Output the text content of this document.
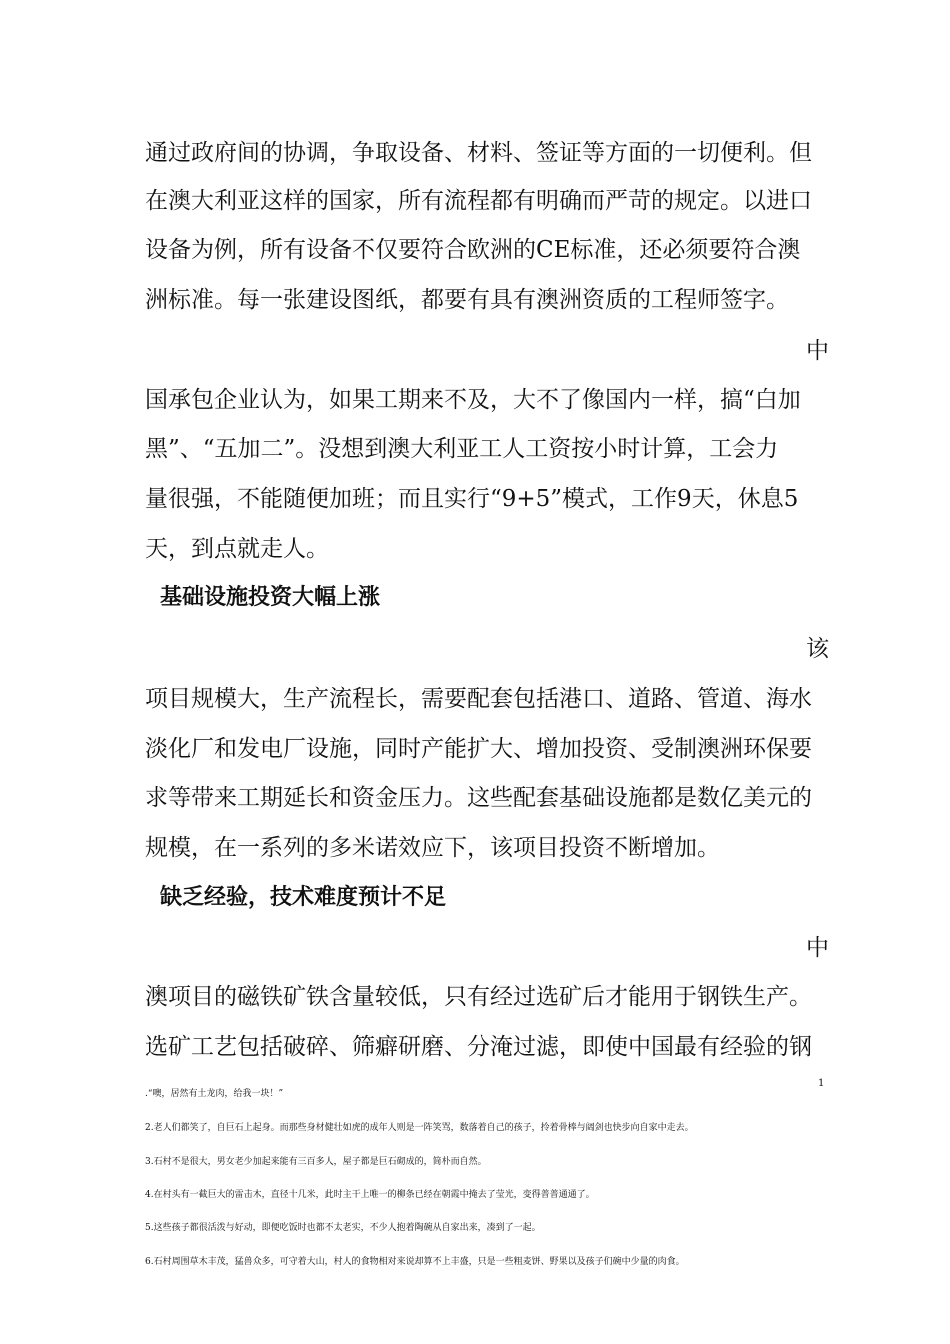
通过政府间的协调，争取设备、材料、签证等方面的一切便利。但
在澳大利亚这样的国家，所有流程都有明确而严苛的规定。以进口
设备为例，所有设备不仅要符合欧洲的CE标准，还必须要符合澳
洲标准。每一张建设图纸，都要有具有澳洲资质的工程师签字。
中
国承包企业认为，如果工期来不及，大不了像国内一样，搞“白加
黑”、“五加二”。没想到澳大利亚工人工资按小时计算，工会力
量很强，不能随便加班；而且实行“9+5”模式，工作9天，休息5
天，到点就走人。
基础设施投资大幅上涨
该
项目规模大，生产流程长，需要配套包括港口、道路、管道、海水
淡化厂和发电厂设施，同时产能扩大、增加投资、受制澳洲环保要
求等带来工期延长和资金压力。这些配套基础设施都是数亿美元的
规模，在一系列的多米诺效应下，该项目投资不断增加。
缺乏经验，技术难度预计不足
中
澳项目的磁铁矿铁含量较低，只有经过选矿后才能用于钢铁生产。
选矿工艺包括破碎、筛癖研磨、分淹过滤，即使中国最有经验的钢
1
.“噢，居然有土龙肉，给我一块！”
2.老人们都笑了，自巨石上起身。而那些身材健壮如虎的成年人则是一阵笑骂，数落着自己的孩子，拎着骨棒与阔剑也快步向自家中走去。
3.石村不是很大，男女老少加起来能有三百多人，屋子都是巨石砌成的，简朴而自然。
4.在村头有一截巨大的雷击木，直径十几米，此时主干上唯一的柳条已经在朝霞中掩去了莹光，变得普普通通了。
5.这些孩子都很活泼与好动，即便吃饭时也都不太老实，不少人抱着陶碗从自家出来，凑到了一起。
6.石村周围草木丰茂，猛兽众多，可守着大山，村人的食物相对来说却算不上丰盛，只是一些粗麦饼、野果以及孩子们碗中少量的肉食。
